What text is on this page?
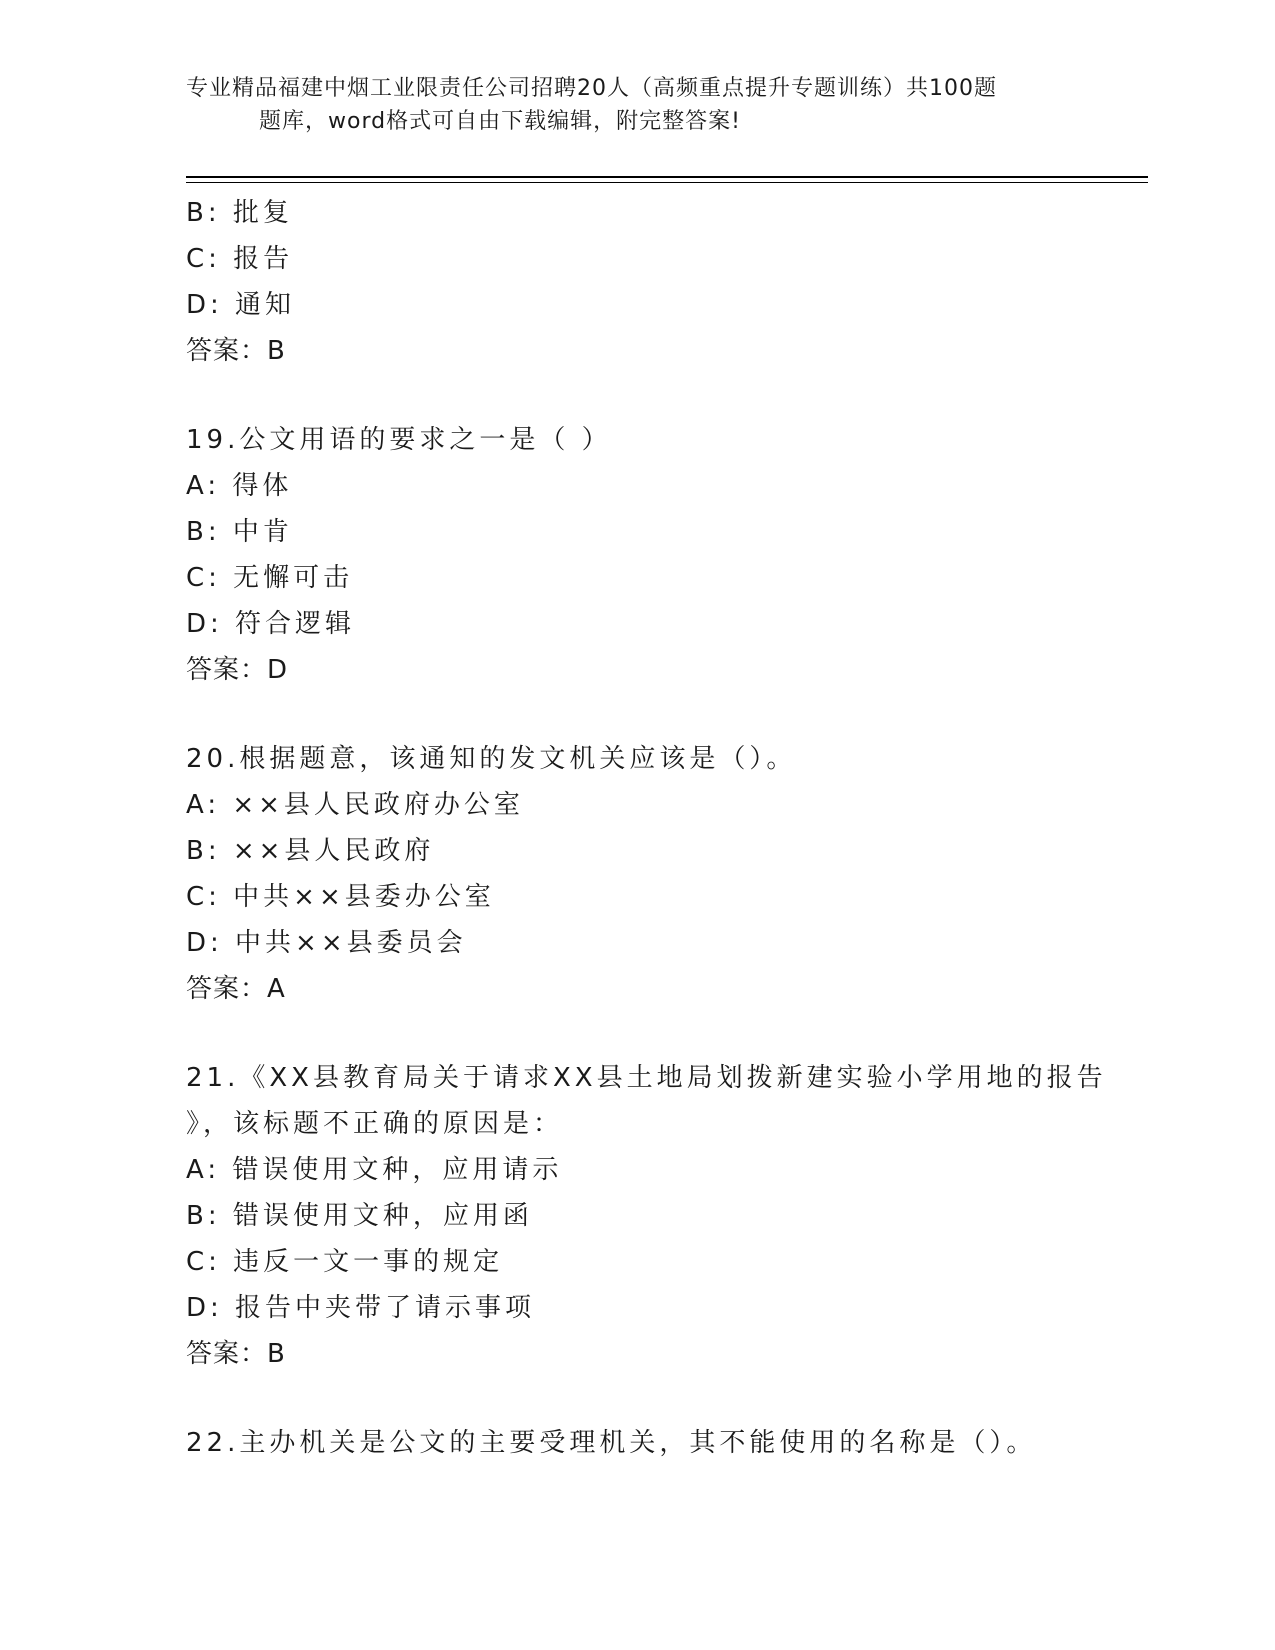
专业精品福建中烟工业限责任公司招聘20人（高频重点提升专题训练）共100题
题库，word格式可自由下载编辑，附完整答案!
B: 批复
C: 报告
D: 通知
答案：B
19.公文用语的要求之一是（ ）
A: 得体
B: 中肯
C: 无懈可击
D: 符合逻辑
答案：D
20.根据题意，该通知的发文机关应该是（）。
A: ××县人民政府办公室
B: ××县人民政府
C: 中共××县委办公室
D: 中共××县委员会
答案：A
21.《XX县教育局关于请求XX县土地局划拨新建实验小学用地的报告
》，该标题不正确的原因是：
A: 错误使用文种，应用请示
B: 错误使用文种，应用函
C: 违反一文一事的规定
D: 报告中夹带了请示事项
答案：B
22.主办机关是公文的主要受理机关，其不能使用的名称是（）。
